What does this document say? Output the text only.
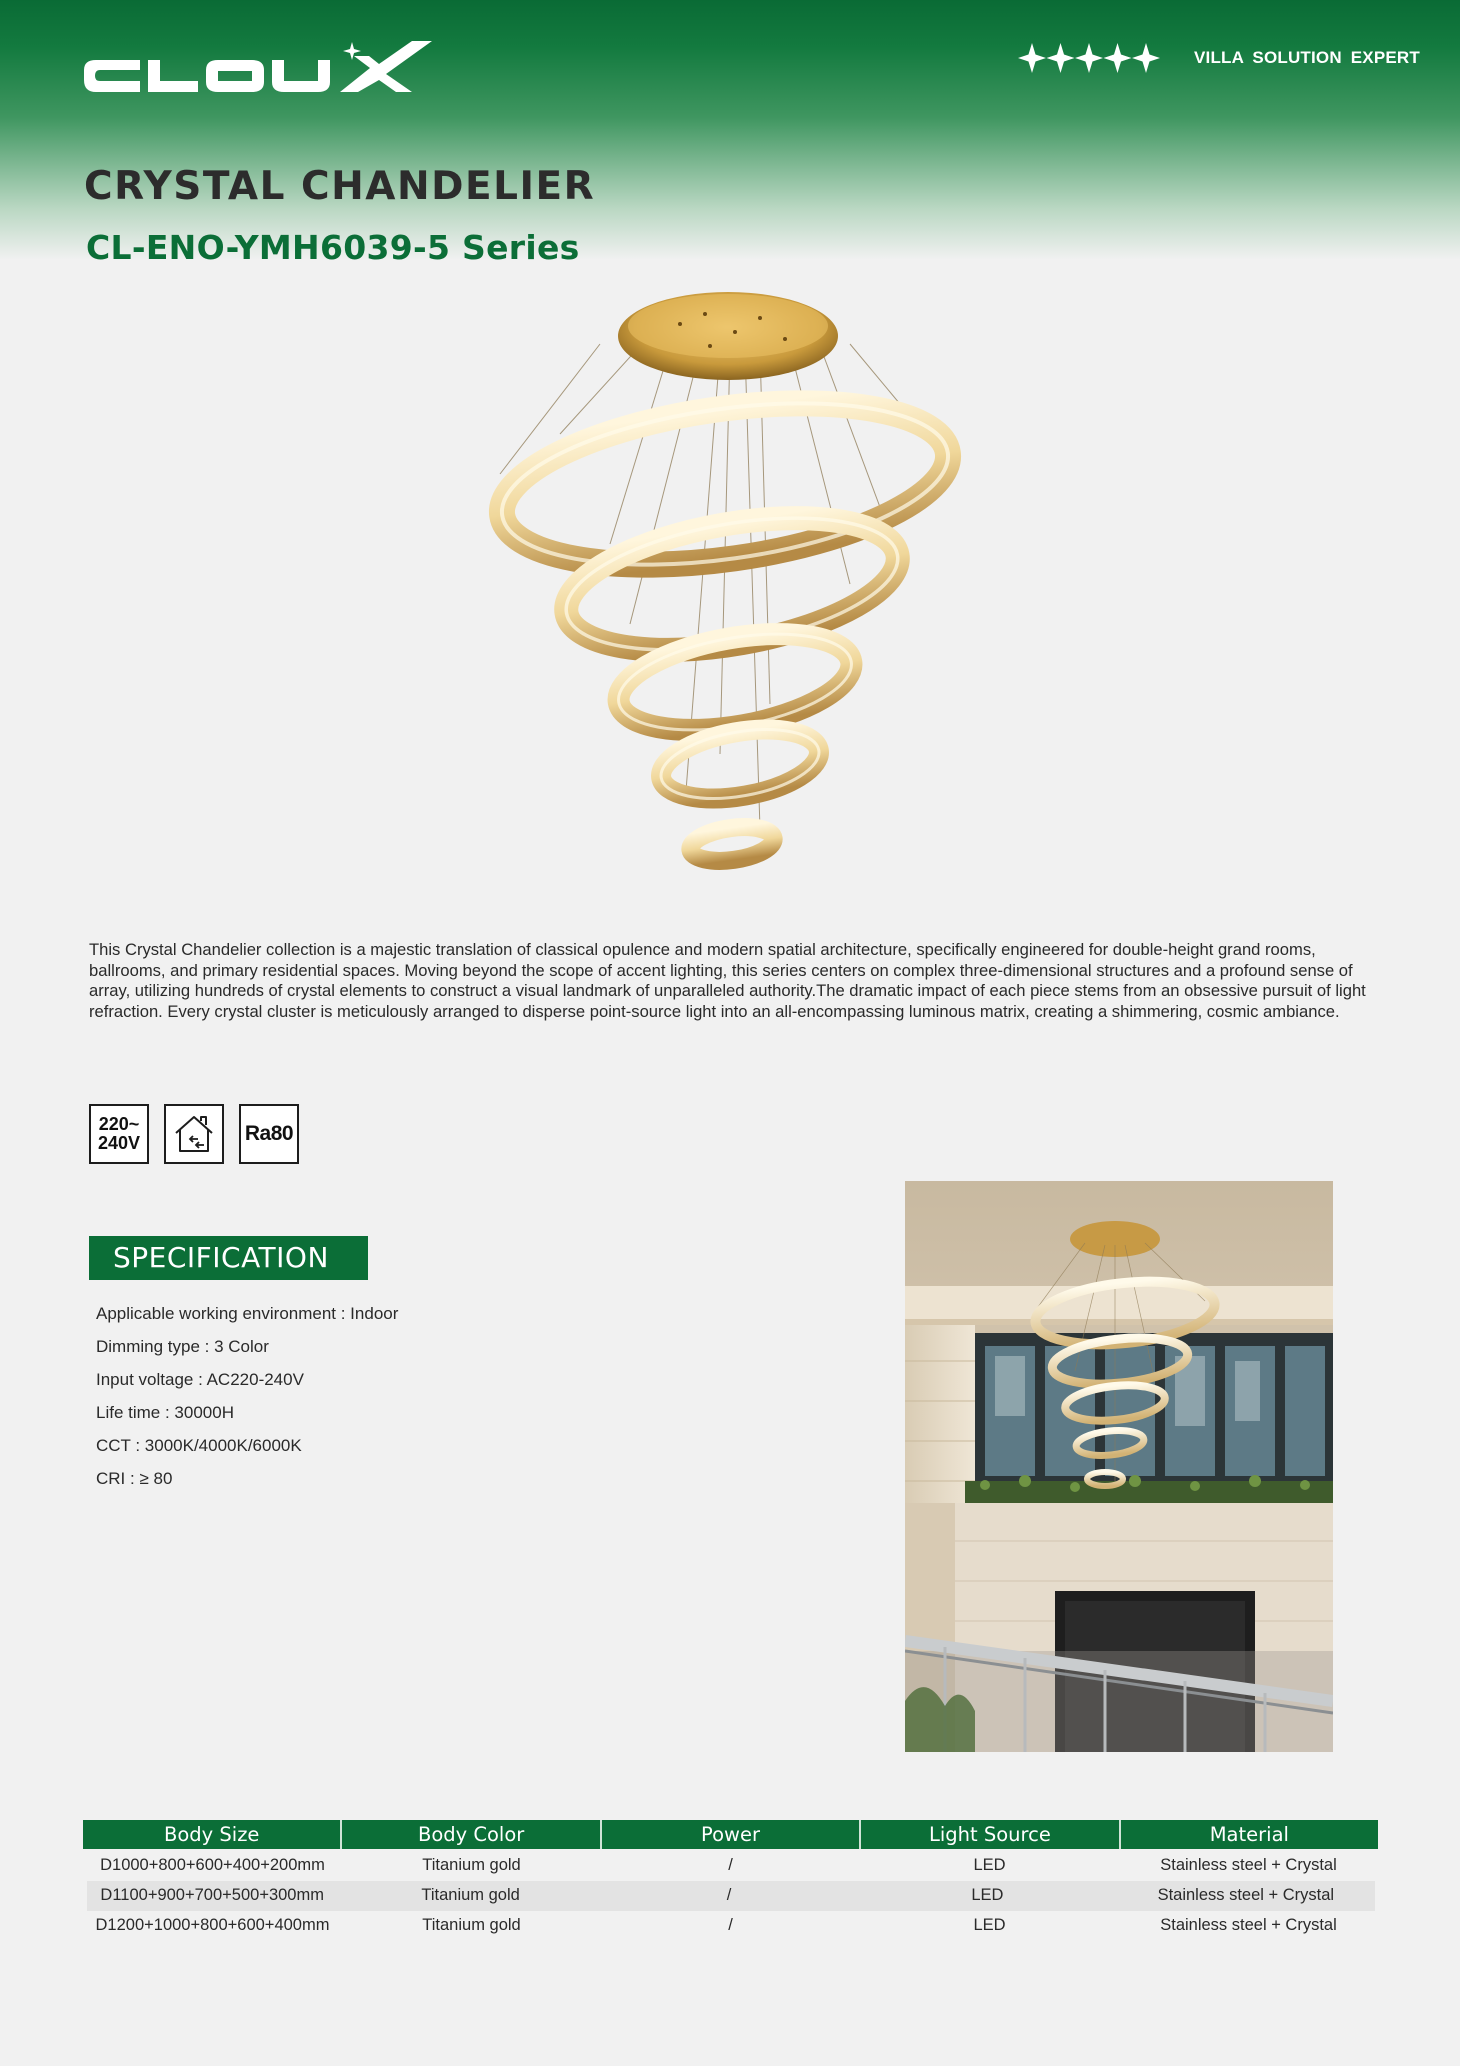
VILLA SOLUTION EXPERT
CRYSTAL CHANDELIER
CL-ENO-YMH6039-5 Series

This Crystal Chandelier collection is a majestic translation of classical opulence and modern spatial architecture, specifically engineered for double-height grand rooms, ballrooms, and primary residential spaces. Moving beyond the scope of accent lighting, this series centers on complex three-dimensional structures and a profound sense of array, utilizing hundreds of crystal elements to construct a visual landmark of unparalleled authority.The dramatic impact of each piece stems from an obsessive pursuit of light refraction. Every crystal cluster is meticulously arranged to disperse point-source light into an all-encompassing luminous matrix, creating a shimmering, cosmic ambiance.

220~
240V	Ra80
SPECIFICATION
Applicable working environment : Indoor
Dimming type : 3 Color
Input voltage : AC220-240V
Life time : 30000H
CCT : 3000K/4000K/6000K
CRI : ≥ 80
Body Size	Body Color	Power	Light Source	Material
D1000+800+600+400+200mm	Titanium gold	/	LED	Stainless steel + Crystal
D1100+900+700+500+300mm	Titanium gold	/	LED	Stainless steel + Crystal
D1200+1000+800+600+400mm	Titanium gold	/	LED	Stainless steel + Crystal
